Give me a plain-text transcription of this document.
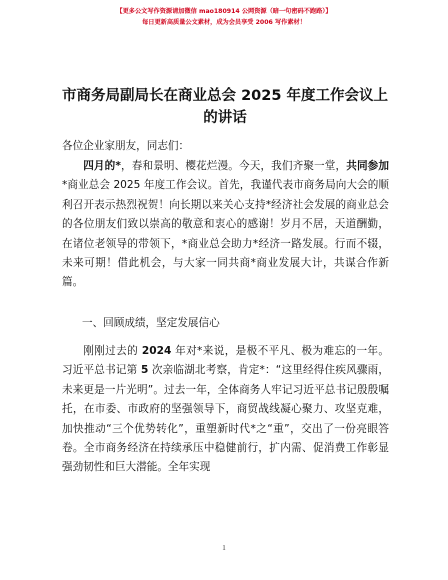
【更多公文写作资源请加微信 mao180914 公网资源（暗一句密码不跑路）】
每日更新高质量公文素材，成为会员享受 2006 写作素材！
市商务局副局长在商业总会 2025 年度工作会议上的讲话
各位企业家朋友，同志们：
四月的*，春和景明、樱花烂漫。今天，我们齐聚一堂，共同参加*商业总会 2025 年度工作会议。首先，我谨代表市商务局向大会的顺利召开表示热烈祝贺！向长期以来关心支持*经济社会发展的商业总会的各位朋友们致以崇高的敬意和衷心的感谢！岁月不居，天道酬勤，在诸位老领导的带领下，*商业总会助力*经济一路发展。行而不辍，未来可期！借此机会，与大家一同共商*商业发展大计，共谋合作新篇。
一、回顾成绩，坚定发展信心
刚刚过去的 2024 年对*来说，是极不平凡、极为难忘的一年。习近平总书记第 5 次亲临湖北考察，肯定*：“这里经得住疾风骤雨，未来更是一片光明”。过去一年，全体商务人牢记习近平总书记殷殷嘱托，在市委、市政府的坚强领导下，商贸战线凝心聚力、攻坚克难，加快推动“三个优势转化”，重塑新时代*之“重”，交出了一份亮眼答卷。全市商务经济在持续承压中稳健前行，扩内需、促消费工作彰显强劲韧性和巨大潜能。全年实现
1
